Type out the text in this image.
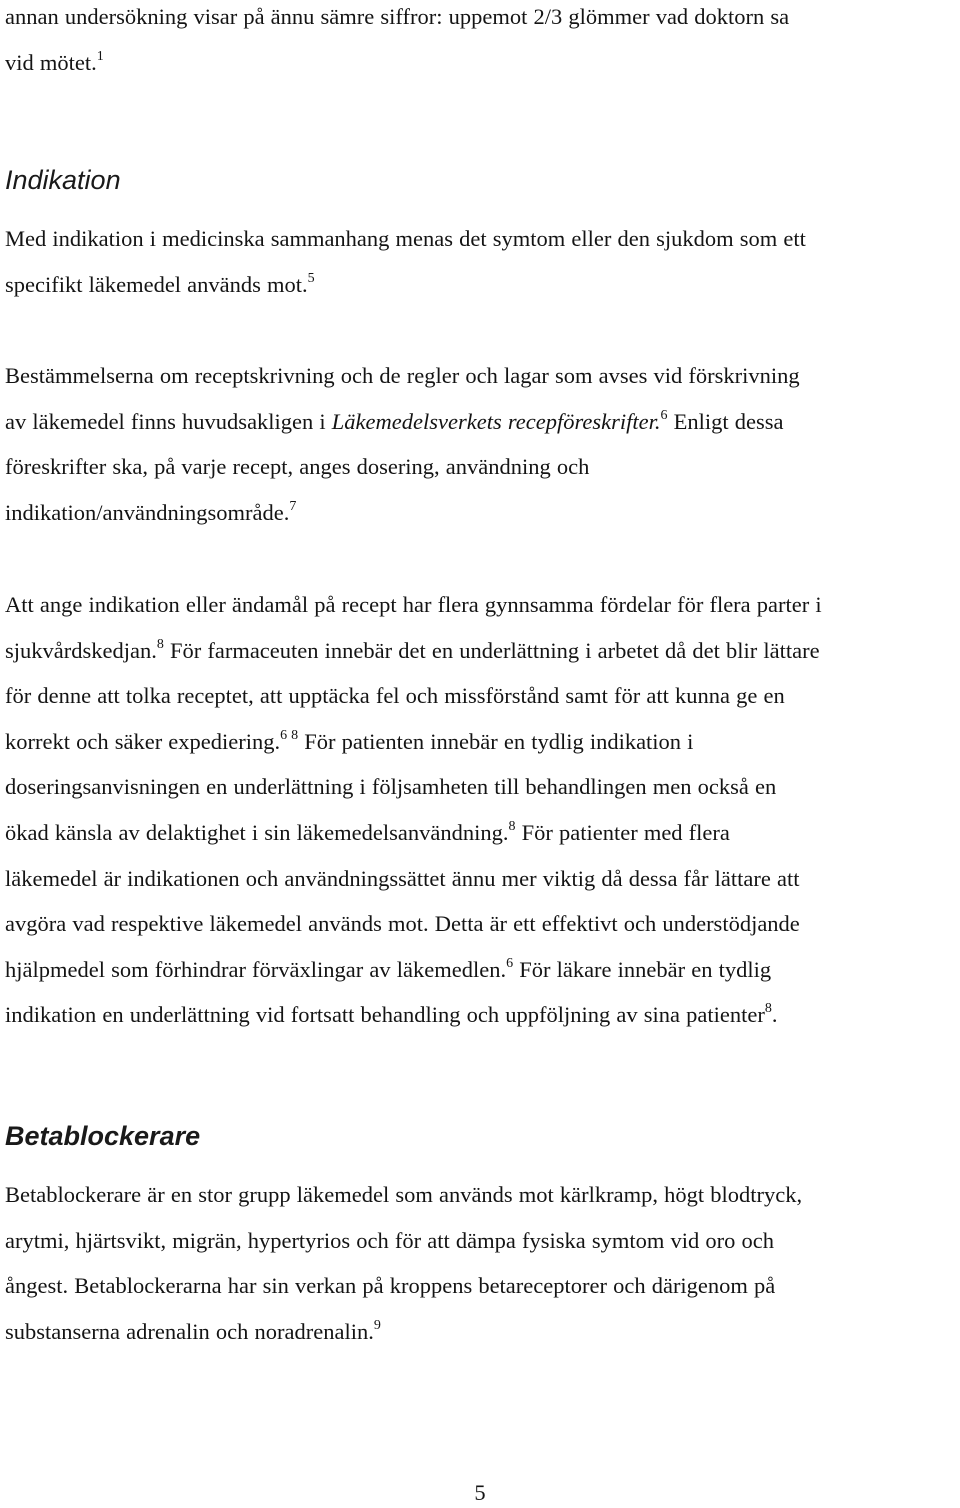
annan undersökning visar på ännu sämre siffror: uppemot 2/3 glömmer vad doktorn sa
vid mötet.$^1$

Indikation

Med indikation i medicinska sammanhang menas det symtom eller den sjukdom som ett
specifikt läkemedel används mot.$^5$

Bestämmelserna om receptskrivning och de regler och lagar som avses vid förskrivning
av läkemedel finns huvudsakligen i Läkemedelsverkets recepföreskrifter.$^6$ Enligt dessa
föreskrifter ska, på varje recept, anges dosering, användning och
indikation/användningsområde.$^7$

Att ange indikation eller ändamål på recept har flera gynnsamma fördelar för flera parter i
sjukvårdskedjan.$^8$ För farmaceuten innebär det en underlättning i arbetet då det blir lättare
för denne att tolka receptet, att upptäcka fel och missförstånd samt för att kunna ge en
korrekt och säker expediering.$^{6 8}$ För patienten innebär en tydlig indikation i
doseringsanvisningen en underlättning i följsamheten till behandlingen men också en
ökad känsla av delaktighet i sin läkemedelsanvändning.$^8$ För patienter med flera
läkemedel är indikationen och användningssättet ännu mer viktig då dessa får lättare att
avgöra vad respektive läkemedel används mot. Detta är ett effektivt och understödjande
hjälpmedel som förhindrar förväxlingar av läkemedlen.$^6$ För läkare innebär en tydlig
indikation en underlättning vid fortsatt behandling och uppföljning av sina patienter$^8$.

Betablockerare

Betablockerare är en stor grupp läkemedel som används mot kärlkramp, högt blodtryck,
arytmi, hjärtsvikt, migrän, hypertyrios och för att dämpa fysiska symtom vid oro och
ångest. Betablockerarna har sin verkan på kroppens betareceptorer och därigenom på
substanserna adrenalin och noradrenalin.$^9$

5
